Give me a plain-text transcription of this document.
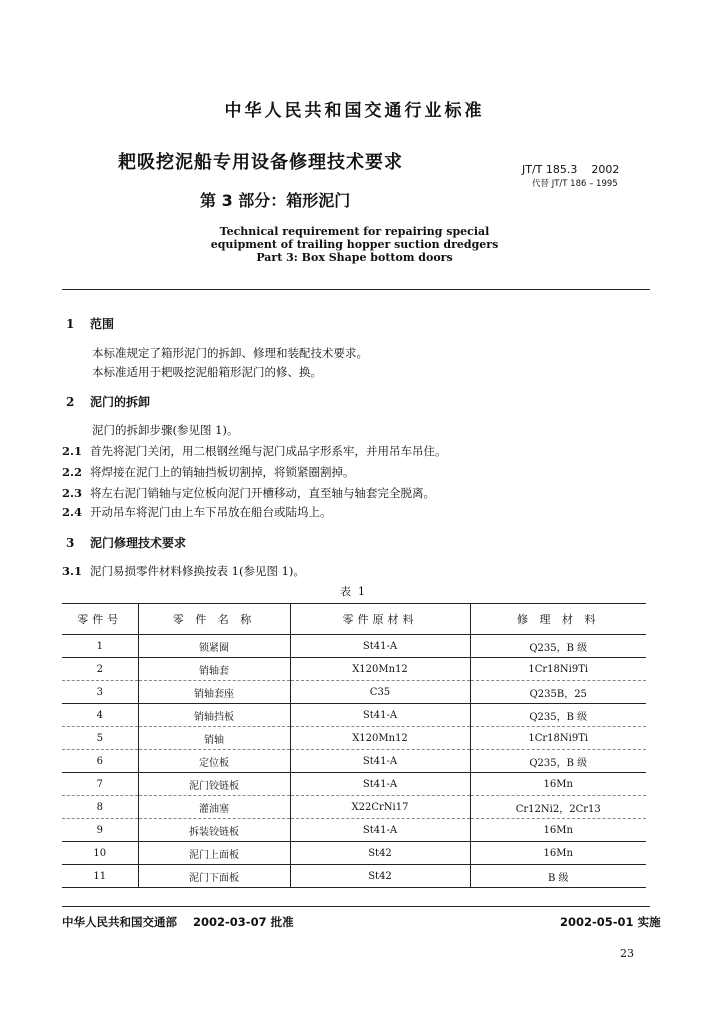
中华人民共和国交通行业标准
耙吸挖泥船专用设备修理技术要求	JT/T 185.3    2002
代替 JT/T 186 – 1995
第 3 部分：箱形泥门
Technical requirement for repairing special
equipment of trailing hopper suction dredgers
Part 3: Box Shape bottom doors
1 范围
本标准规定了箱形泥门的拆卸、修理和装配技术要求。
本标准适用于耙吸挖泥船箱形泥门的修、换。
2 泥门的拆卸
泥门的拆卸步骤(参见图 1)。
2.1 首先将泥门关闭，用二根钢丝绳与泥门成品字形系牢，并用吊车吊住。
2.2 将焊接在泥门上的销轴挡板切割掉，将锁紧圈割掉。
2.3 将左右泥门销轴与定位板向泥门开槽移动，直至轴与轴套完全脱离。
2.4 开动吊车将泥门由上车下吊放在船台或陆坞上。
3 泥门修理技术要求
3.1 泥门易损零件材料修换按表 1(参见图 1)。
表  1
零件号	零 件 名 称	零件原材料	修 理 材 料
1	锁紧圈	St41-A	Q235，B 级
2	销轴套	X120Mn12	1Cr18Ni9Ti
3	销轴套座	C35	Q235B，25
4	销轴挡板	St41-A	Q235，B 级
5	销轴	X120Mn12	1Cr18Ni9Ti
6	定位板	St41-A	Q235，B 级
7	泥门铰链板	St41-A	16Mn
8	灌油塞	X22CrNi17	Cr12Ni2，2Cr13
9	拆装铰链板	St41-A	16Mn
10	泥门上面板	St42	16Mn
11	泥门下面板	St42	B 级
中华人民共和国交通部    2002-03-07 批准	2002-05-01 实施
23
